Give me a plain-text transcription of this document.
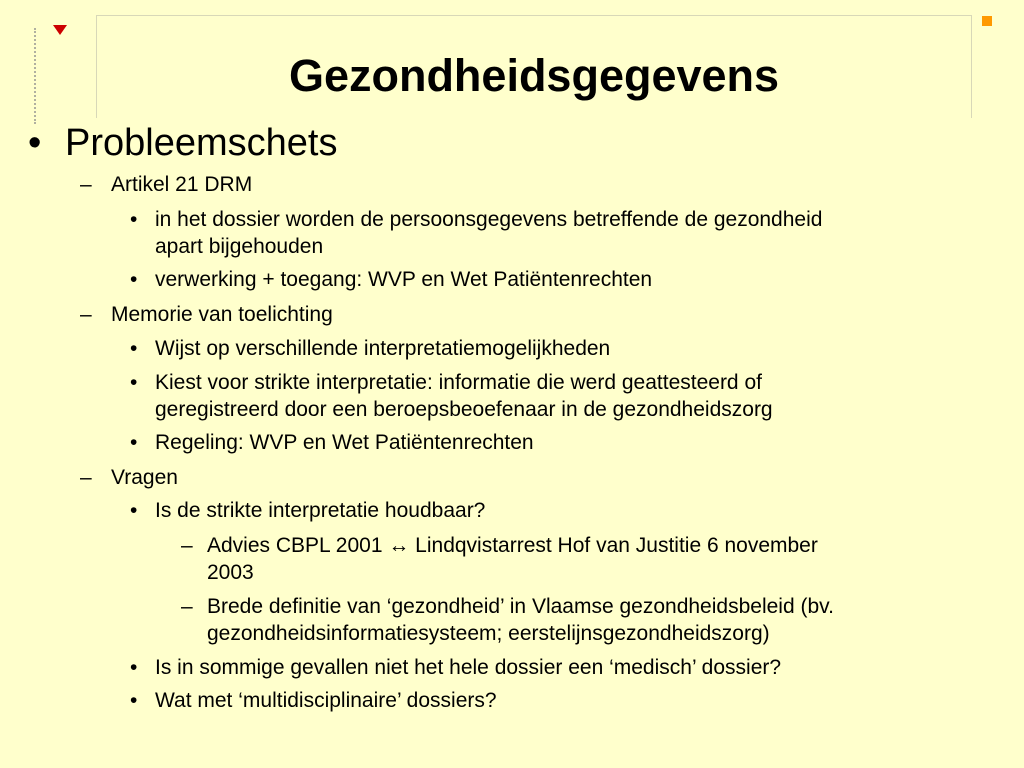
Gezondheidsgegevens
• Probleemschets
– Artikel 21 DRM
• in het dossier worden de persoonsgegevens betreffende de gezondheid
apart bijgehouden
• verwerking + toegang: WVP en Wet Patiëntenrechten
– Memorie van toelichting
• Wijst op verschillende interpretatiemogelijkheden
• Kiest voor strikte interpretatie: informatie die werd geattesteerd of
geregistreerd door een beroepsbeoefenaar in de gezondheidszorg
• Regeling: WVP en Wet Patiëntenrechten
– Vragen
• Is de strikte interpretatie houdbaar?
– Advies CBPL 2001 ↔ Lindqvistarrest Hof van Justitie 6 november
2003
– Brede definitie van ‘gezondheid’ in Vlaamse gezondheidsbeleid (bv.
gezondheidsinformatiesysteem; eerstelijnsgezondheidszorg)
• Is in sommige gevallen niet het hele dossier een ‘medisch’ dossier?
• Wat met ‘multidisciplinaire’ dossiers?
